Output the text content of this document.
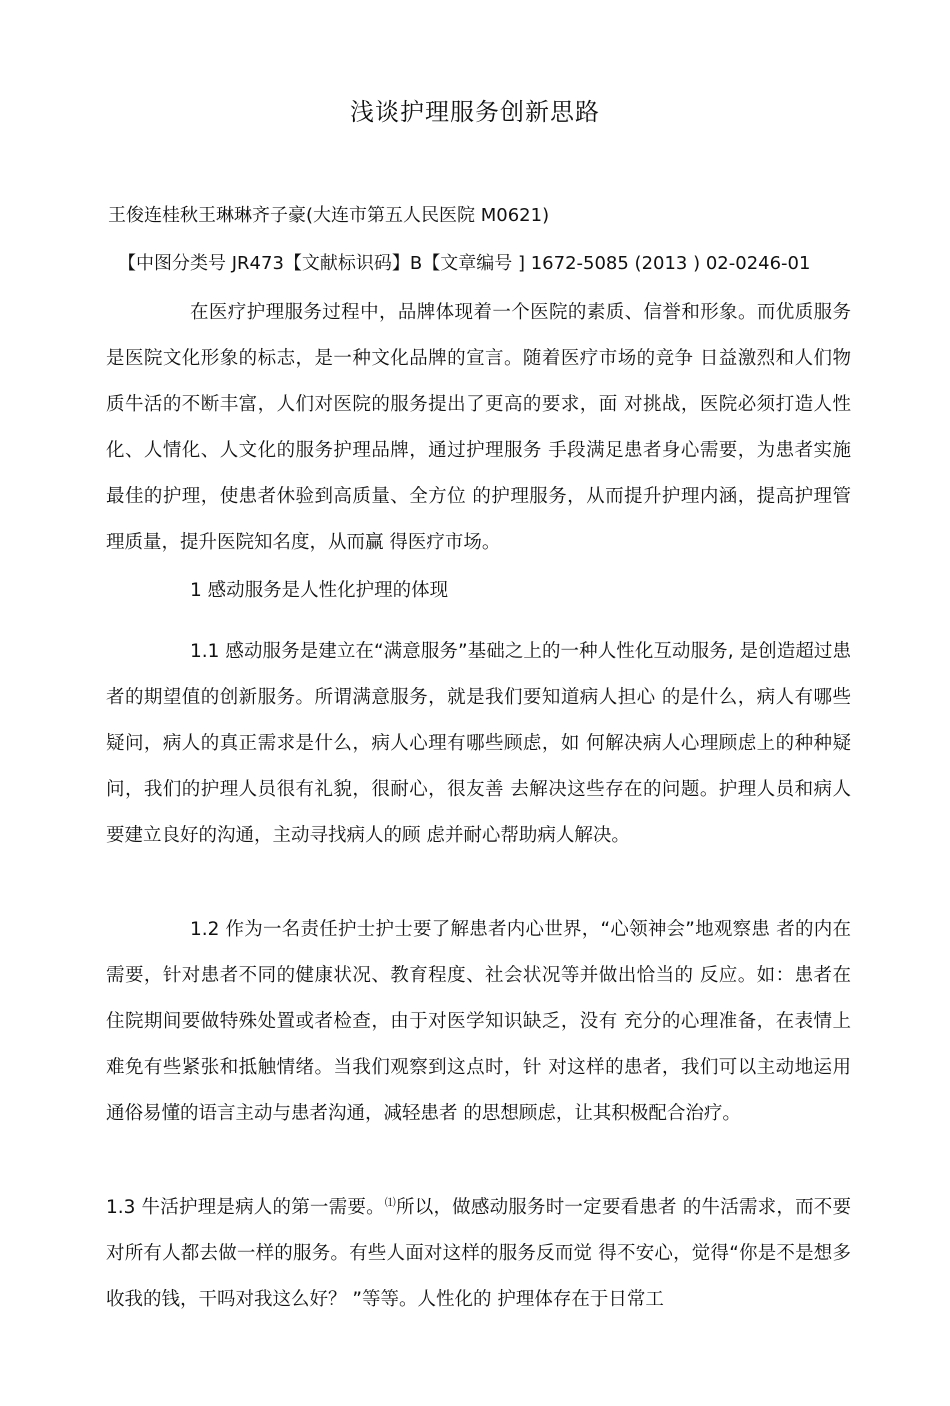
浅谈护理服务创新思路
王俊连桂秋王琳琳齐子豪(大连市第五人民医院 M0621)
【中图分类号 JR473【文献标识码】B【文章编号 ] 1672-5085 (2013 ) 02-0246-01

在医疗护理服务过程中，品牌体现着一个医院的素质、信誉和形象。而优质服务是医院文化形象的标志，是一种文化品牌的宣言。随着医疗市场的竞争 日益激烈和人们物质牛活的不断丰富，人们对医院的服务提出了更高的要求，面 对挑战，医院必须打造人性化、人情化、人文化的服务护理品牌，通过护理服务 手段满足患者身心需要，为患者实施最佳的护理，使患者休验到高质量、全方位 的护理服务，从而提升护理内涵，提高护理管理质量，提升医院知名度，从而赢 得医疗市场。

1 感动服务是人性化护理的体现

1.1 感动服务是建立在“满意服务”基础之上的一种人性化互动服务, 是创造超过患者的期望值的创新服务。所谓满意服务，就是我们要知道病人担心 的是什么，病人有哪些疑问，病人的真正需求是什么，病人心理有哪些顾虑，如 何解决病人心理顾虑上的种种疑问，我们的护理人员很有礼貌，很耐心，很友善 去解决这些存在的问题。护理人员和病人要建立良好的沟通，主动寻找病人的顾 虑并耐心帮助病人解决。

1.2 作为一名责任护士护士要了解患者内心世界，“心领神会”地观察患 者的内在需要，针对患者不同的健康状况、教育程度、社会状况等并做出恰当的 反应。如：患者在住院期间要做特殊处置或者检查，由于对医学知识缺乏，没有 充分的心理准备，在表情上难免有些紧张和抵触情绪。当我们观察到这点时，针 对这样的患者，我们可以主动地运用通俗易懂的语言主动与患者沟通，减轻患者 的思想顾虑，让其积极配合治疗。

1.3 牛活护理是病人的第一需要。⑴所以，做感动服务时一定要看患者 的牛活需求，而不要对所有人都去做一样的服务。有些人面对这样的服务反而觉 得不安心，觉得“你是不是想多收我的钱，干吗对我这么好？ ”等等。人性化的 护理体存在于日常工
